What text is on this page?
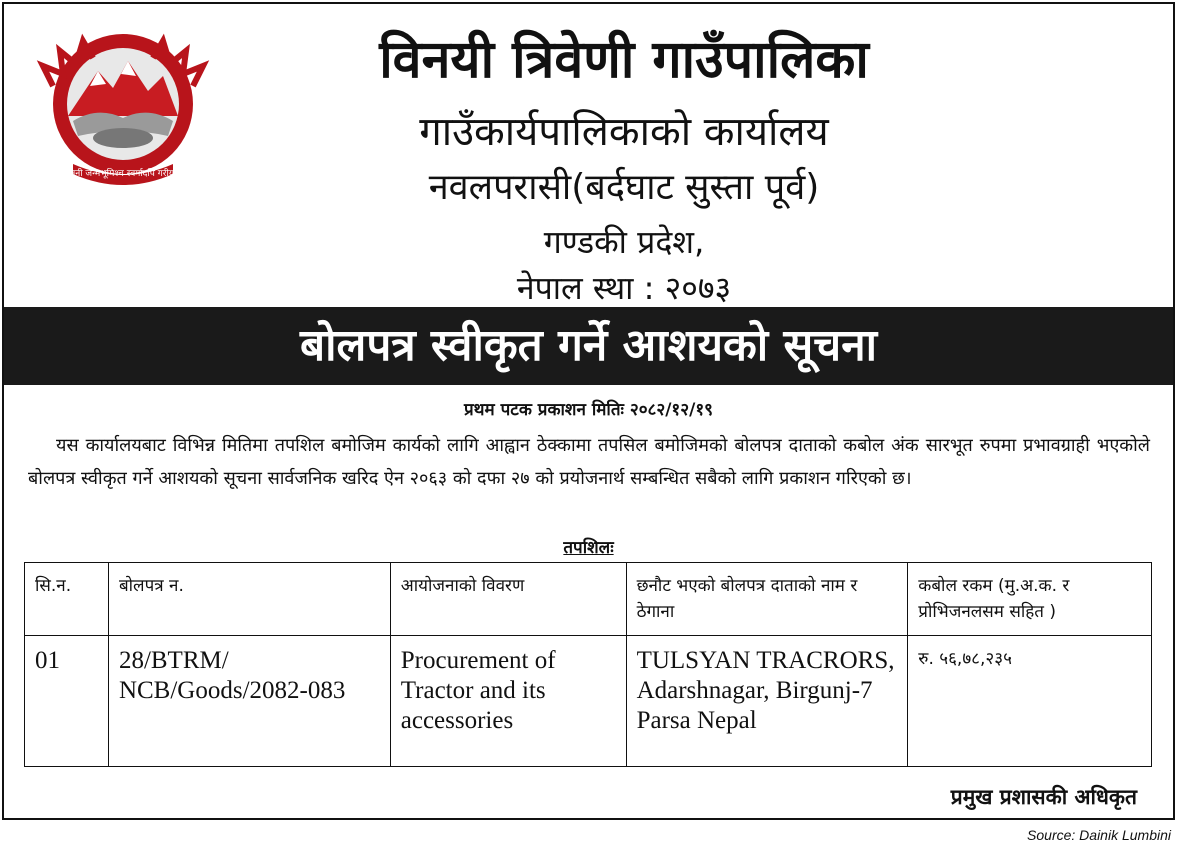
जननी जन्मभूमिश्च स्वर्गादपि गरीयसी
विनयी त्रिवेणी गाउँपालिका
गाउँकार्यपालिकाको कार्यालय
नवलपरासी(बर्दघाट सुस्ता पूर्व)
गण्डकी प्रदेश,
नेपाल स्था : २०७३
बोलपत्र स्वीकृत गर्ने आशयको सूचना
प्रथम पटक प्रकाशन मितिः २०८२/१२/१९
यस कार्यालयबाट विभिन्न मितिमा तपशिल बमोजिम कार्यको लागि आह्वान ठेक्कामा तपसिल बमोजिमको बोलपत्र दाताको कबोल अंक सारभूत रुपमा प्रभावग्राही भएकोले बोलपत्र स्वीकृत गर्ने आशयको सूचना सार्वजनिक खरिद ऐन २०६३ को दफा २७ को प्रयोजनार्थ सम्बन्धित सबैको लागि प्रकाशन गरिएको छ।
तपशिलः
सि.न.	बोलपत्र न.	आयोजनाको विवरण	छनौट भएको बोलपत्र दाताको नाम र ठेगाना	कबोल रकम (मु.अ.क. र प्रोभिजनलसम सहित )
01	28/BTRM/ NCB/Goods/2082-083	Procurement of Tractor and its accessories	TULSYAN TRACRORS, Adarshnagar, Birgunj-7 Parsa Nepal	रु. ५६,७८,२३५
प्रमुख प्रशासकी अधिकृत
Source: Dainik Lumbini
